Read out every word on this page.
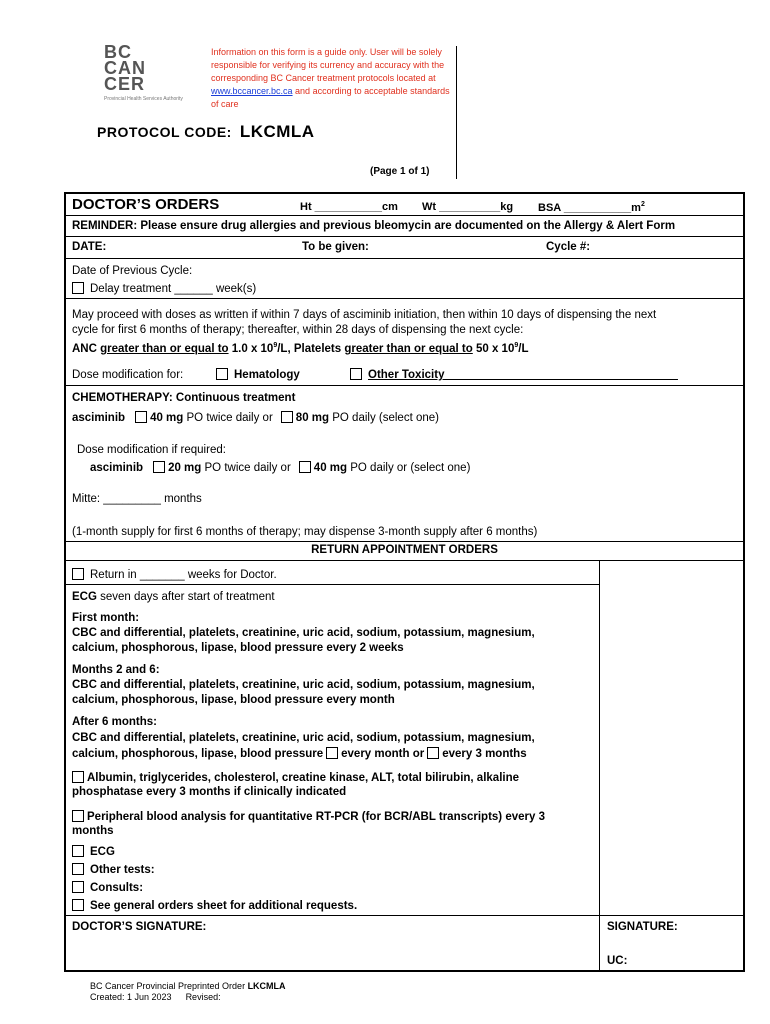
BC
CAN
CER
Provincial Health Services Authority
Information on this form is a guide only. User will be solely responsible for verifying its currency and accuracy with the corresponding BC Cancer treatment protocols located at www.bccancer.bc.ca and according to acceptable standards of care
PROTOCOL CODE: LKCMLA
(Page 1 of 1)
DOCTOR’S ORDERS	Ht ___________cm Wt __________kg BSA $\_\_\_\_\_\_\_\_\_\_\_m^2$
REMINDER: Please ensure drug allergies and previous bleomycin are documented on the Allergy & Alert Form
DATE:	To be given:	Cycle #:
Date of Previous Cycle:
Delay treatment ______ week(s)
May proceed with doses as written if within 7 days of asciminib initiation, then within 10 days of dispensing the next
cycle for first 6 months of therapy; thereafter, within 28 days of dispensing the next cycle:
ANC greater than or equal to 1.0 x $10^9/L$, Platelets greater than or equal to 50 x $10^9/L$
Dose modification for:	Hematology	Other Toxicity ____________________________________
CHEMOTHERAPY: Continuous treatment
asciminib 40 mg PO twice daily or 80 mg PO daily (select one)
Dose modification if required:
asciminib 20 mg PO twice daily or 40 mg PO daily or (select one)
Mitte: _________ months
(1-month supply for first 6 months of therapy; may dispense 3-month supply after 6 months)
RETURN APPOINTMENT ORDERS
Return in _______ weeks for Doctor.
ECG seven days after start of treatment
First month:
CBC and differential, platelets, creatinine, uric acid, sodium, potassium, magnesium,
calcium, phosphorous, lipase, blood pressure every 2 weeks
Months 2 and 6:
CBC and differential, platelets, creatinine, uric acid, sodium, potassium, magnesium,
calcium, phosphorous, lipase, blood pressure every month
After 6 months:
CBC and differential, platelets, creatinine, uric acid, sodium, potassium, magnesium,
calcium, phosphorous, lipase, blood pressure every month or every 3 months
Albumin, triglycerides, cholesterol, creatine kinase, ALT, total bilirubin, alkaline
phosphatase every 3 months if clinically indicated
Peripheral blood analysis for quantitative RT-PCR (for BCR/ABL transcripts) every 3
months
ECG
Other tests:
Consults:
See general orders sheet for additional requests.
DOCTOR’S SIGNATURE:	SIGNATURE:
UC:
BC Cancer Provincial Preprinted Order LKCMLA
Created: 1 Jun 2023 Revised:
